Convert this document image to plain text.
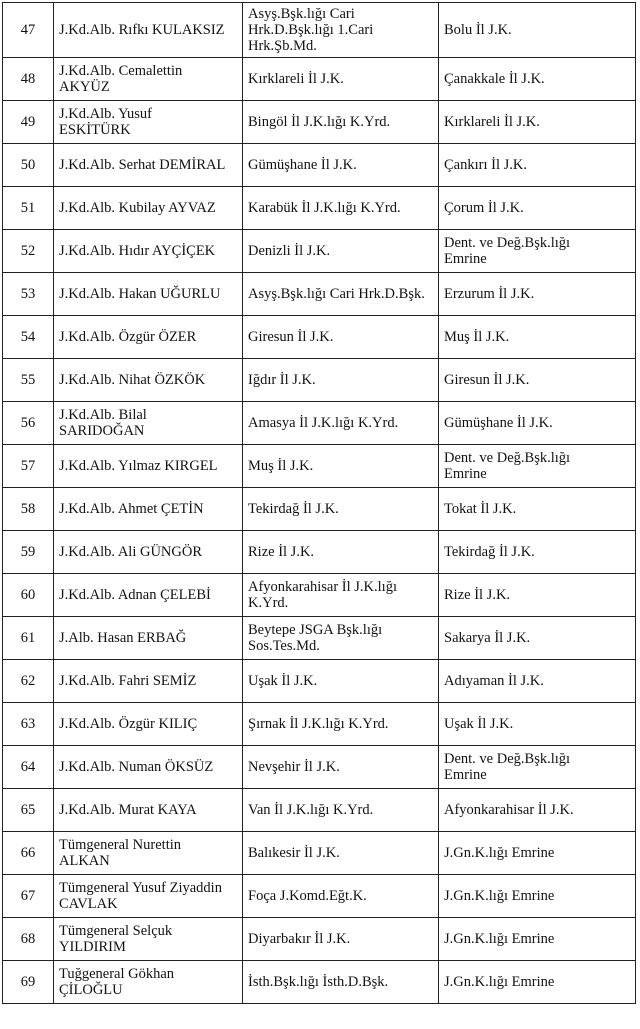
47	J.Kd.Alb. Rıfkı KULAKSIZ	Asyş.Bşk.lığı Cari
Hrk.D.Bşk.lığı 1.Cari
Hrk.Şb.Md.	Bolu İl J.K.
48	J.Kd.Alb. Cemalettin
AKYÜZ	Kırklareli İl J.K.	Çanakkale İl J.K.
49	J.Kd.Alb. Yusuf
ESKİTÜRK	Bingöl İl J.K.lığı K.Yrd.	Kırklareli İl J.K.
50	J.Kd.Alb. Serhat DEMİRAL	Gümüşhane İl J.K.	Çankırı İl J.K.
51	J.Kd.Alb. Kubilay AYVAZ	Karabük İl J.K.lığı K.Yrd.	Çorum İl J.K.
52	J.Kd.Alb. Hıdır AYÇİÇEK	Denizli İl J.K.	Dent. ve Değ.Bşk.lığı
Emrine
53	J.Kd.Alb. Hakan UĞURLU	Asyş.Bşk.lığı Cari Hrk.D.Bşk.	Erzurum İl J.K.
54	J.Kd.Alb. Özgür ÖZER	Giresun İl J.K.	Muş İl J.K.
55	J.Kd.Alb. Nihat ÖZKÖK	Iğdır İl J.K.	Giresun İl J.K.
56	J.Kd.Alb. Bilal
SARIDOĞAN	Amasya İl J.K.lığı K.Yrd.	Gümüşhane İl J.K.
57	J.Kd.Alb. Yılmaz KIRGEL	Muş İl J.K.	Dent. ve Değ.Bşk.lığı
Emrine
58	J.Kd.Alb. Ahmet ÇETİN	Tekirdağ İl J.K.	Tokat İl J.K.
59	J.Kd.Alb. Ali GÜNGÖR	Rize İl J.K.	Tekirdağ İl J.K.
60	J.Kd.Alb. Adnan ÇELEBİ	Afyonkarahisar İl J.K.lığı
K.Yrd.	Rize İl J.K.
61	J.Alb. Hasan ERBAĞ	Beytepe JSGA Bşk.lığı
Sos.Tes.Md.	Sakarya İl J.K.
62	J.Kd.Alb. Fahri SEMİZ	Uşak İl J.K.	Adıyaman İl J.K.
63	J.Kd.Alb. Özgür KILIÇ	Şırnak İl J.K.lığı K.Yrd.	Uşak İl J.K.
64	J.Kd.Alb. Numan ÖKSÜZ	Nevşehir İl J.K.	Dent. ve Değ.Bşk.lığı
Emrine
65	J.Kd.Alb. Murat KAYA	Van İl J.K.lığı K.Yrd.	Afyonkarahisar İl J.K.
66	Tümgeneral Nurettin
ALKAN	Balıkesir İl J.K.	J.Gn.K.lığı Emrine
67	Tümgeneral Yusuf Ziyaddin
CAVLAK	Foça J.Komd.Eğt.K.	J.Gn.K.lığı Emrine
68	Tümgeneral Selçuk
YILDIRIM	Diyarbakır İl J.K.	J.Gn.K.lığı Emrine
69	Tuğgeneral Gökhan
ÇİLOĞLU	İsth.Bşk.lığı İsth.D.Bşk.	J.Gn.K.lığı Emrine
